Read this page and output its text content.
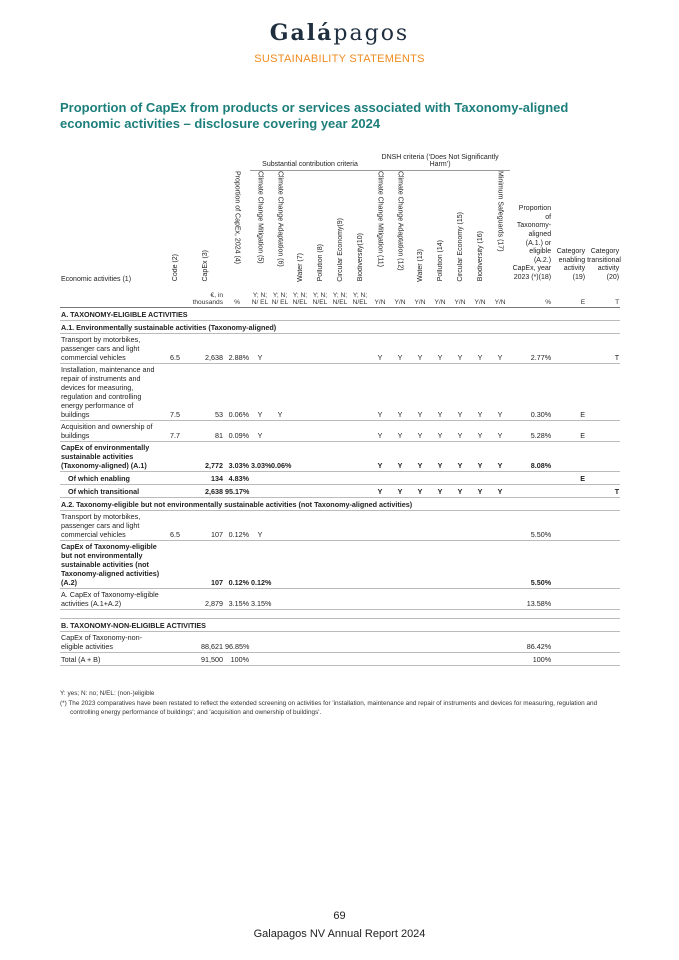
Galápagos
SUSTAINABILITY STATEMENTS
Proportion of CapEx from products or services associated with Taxonomy-aligned economic activities – disclosure covering year 2024
				Substantial contribution criteria						DNSH criteria (‘Does Not Significantly Harm’)									
Economic activities (1)	Code (2)	CapEx (3)	Proportion of CapEx, 2024 (4)	Climate Change Mitigation (5)	Climate Change Adaptation (6)	Water (7)	Pollution (8)	Circular Economy(9)	Biodiversity(10)	Climate Change Mitigation (11)	Climate Change Adaptation (12)	Water (13)	Pollution (14)	Circular Economy (15)	Biodiversity (16)	Minimum Safeguards (17)	Proportion of Taxonomy- aligned (A.1.) or eligible (A.2.) CapEx, year 2023 (*)(18)	Category enabling activity (19)	Category transitional activity (20)
		€, in thousands	%	Y; N; N/ EL	Y; N; N/ EL	Y; N; N/EL	Y; N; N/EL	Y; N; N/EL	Y; N; N/EL	Y/N	Y/N	Y/N	Y/N	Y/N	Y/N	Y/N	%	E	T
A. TAXONOMY-ELIGIBLE ACTIVITIES																			
A.1. Environmentally sustainable activities (Taxonomy-aligned)																			
Transport by motorbikes, passenger cars and light commercial vehicles	6.5	2,638	2.88%	Y						Y	Y	Y	Y	Y	Y	Y	2.77%		T
Installation, maintenance and repair of instruments and devices for measuring, regulation and controlling energy performance of buildings	7.5	53	0.06%	Y	Y					Y	Y	Y	Y	Y	Y	Y	0.30%	E	
Acquisition and ownership of buildings	7.7	81	0.09%	Y						Y	Y	Y	Y	Y	Y	Y	5.28%	E	
CapEx of environmentally sustainable activities (Taxonomy-aligned) (A.1)		2,772	3.03%	3.03%	0.06%					Y	Y	Y	Y	Y	Y	Y	8.08%		
Of which enabling		134	4.83%															E	
Of which transitional		2,638	95.17%							Y	Y	Y	Y	Y	Y	Y			T
A.2. Taxonomy-eligible but not environmentally sustainable activities (not Taxonomy-aligned activities)																			
Transport by motorbikes, passenger cars and light commercial vehicles	6.5	107	0.12%	Y													5.50%		
CapEx of Taxonomy-eligible but not environmentally sustainable activities (not Taxonomy-aligned activities) (A.2)		107	0.12%	0.12%													5.50%		
A. CapEx of Taxonomy-eligible activities (A.1+A.2)		2,879	3.15%	3.15%													13.58%		

B. TAXONOMY-NON-ELIGIBLE ACTIVITIES																			
CapEx of Taxonomy-non-eligible activities		88,621	96.85%														86.42%		
Total (A + B)		91,500	100%														100%		
Y: yes; N: no; N/EL: (non-)eligible
(*) The 2023 comparatives have been restated to reflect the extended screening on activities for 'installation, maintenance and repair of instruments and devices for measuring, regulation and controlling energy performance of buildings'; and 'acquisition and ownership of buildings'.
69
Galapagos NV Annual Report 2024
